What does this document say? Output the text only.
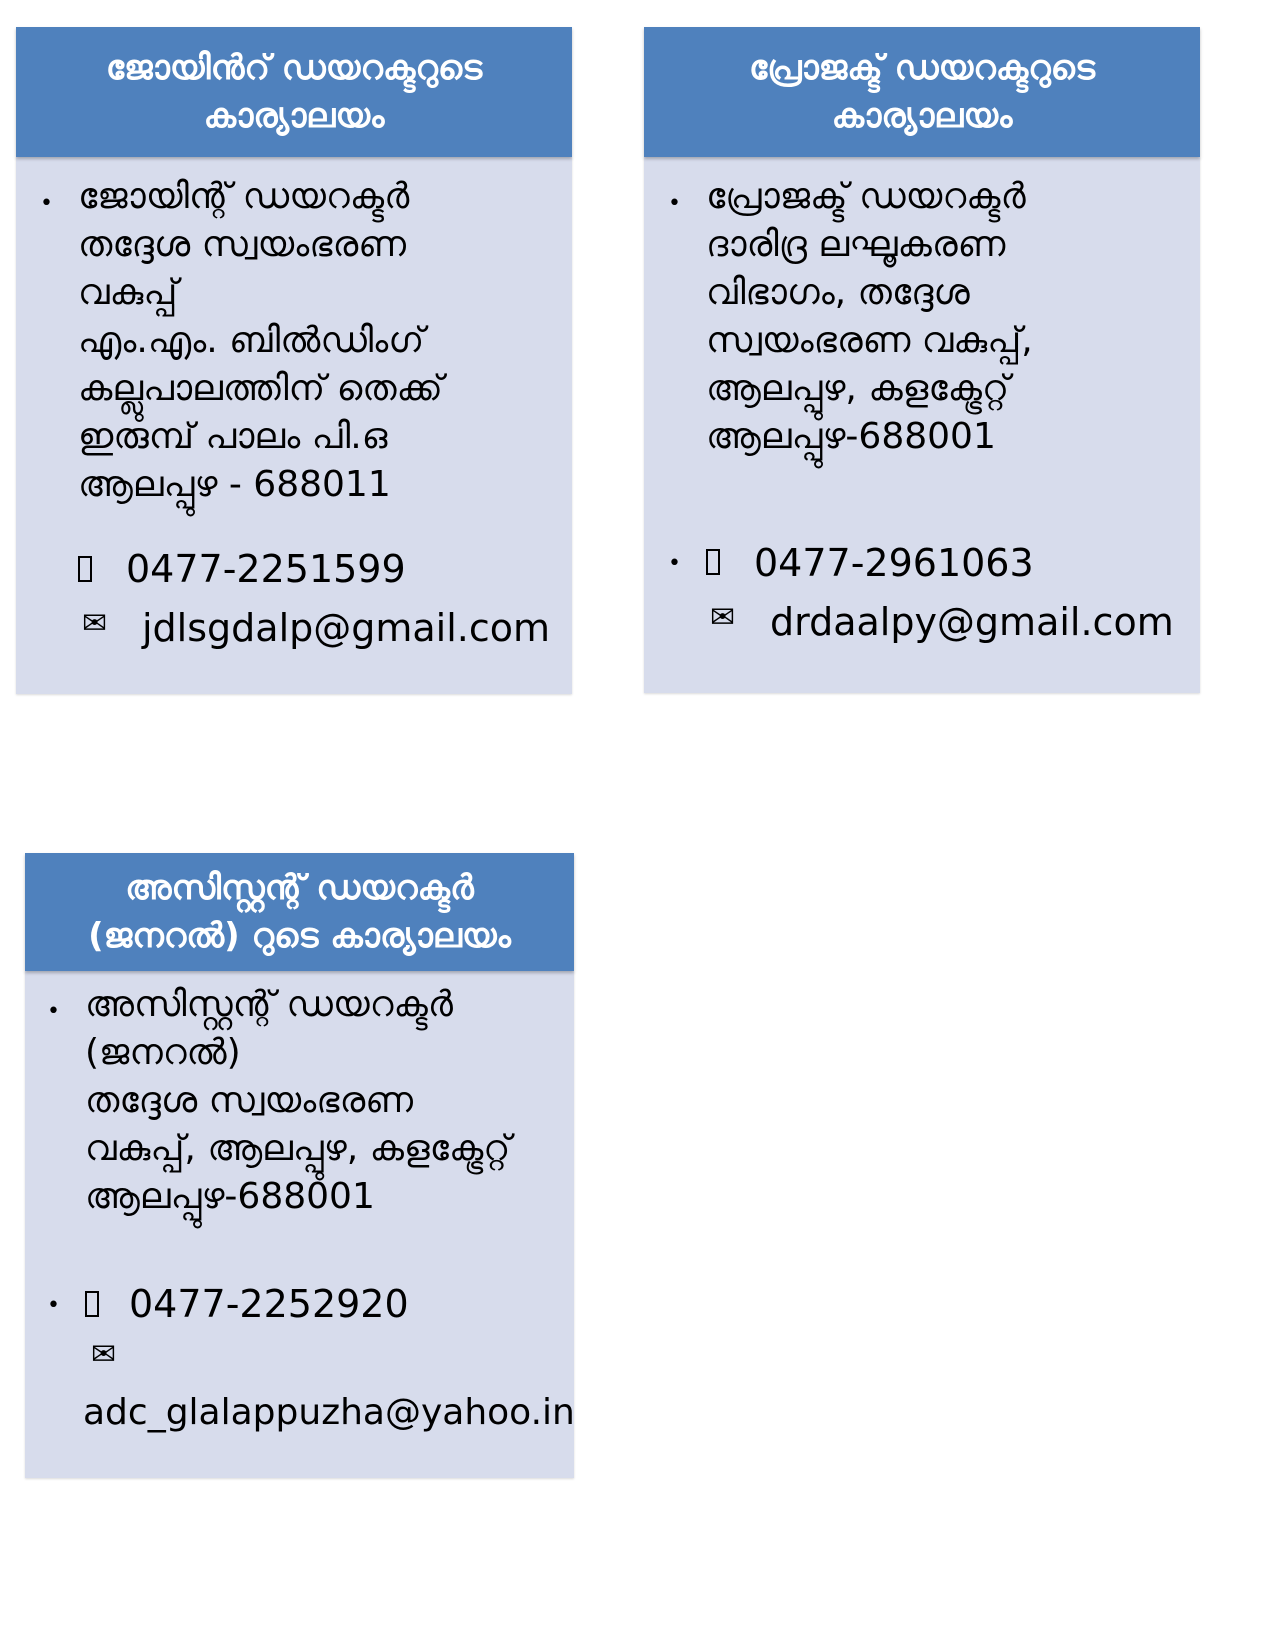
ജോയിൻറ് ഡയറക്ടറുടെ
കാര്യാലയം
• ജോയിന്റ് ഡയറക്ടർ
തദ്ദേശ സ്വയംഭരണ
വകുപ്പ്
എം.എം. ബിൽഡിംഗ്
കല്ലുപാലത്തിന് തെക്ക്
ഇരുമ്പ് പാലം പി.ഒ
ആലപ്പുഴ - 688011
0477-2251599
✉ jdlsgdalp@gmail.com
പ്രോജക്ട് ഡയറക്ടറുടെ
കാര്യാലയം
• പ്രോജക്ട് ഡയറക്ടർ
ദാരിദ്ര ലഘൂകരണ
വിഭാഗം, തദ്ദേശ
സ്വയംഭരണ വകുപ്പ്,
ആലപ്പുഴ, കളക്ട്രേറ്റ്
ആലപ്പുഴ-688001
• 0477-2961063
✉ drdaalpy@gmail.com
അസിസ്റ്റന്റ് ഡയറക്ടർ
(ജനറൽ) റുടെ കാര്യാലയം
• അസിസ്റ്റന്റ് ഡയറക്ടർ
(ജനറൽ)
തദ്ദേശ സ്വയംഭരണ
വകുപ്പ്, ആലപ്പുഴ, കളക്ട്രേറ്റ്
ആലപ്പുഴ-688001
• 0477-2252920
✉
adc_glalappuzha@yahoo.in
